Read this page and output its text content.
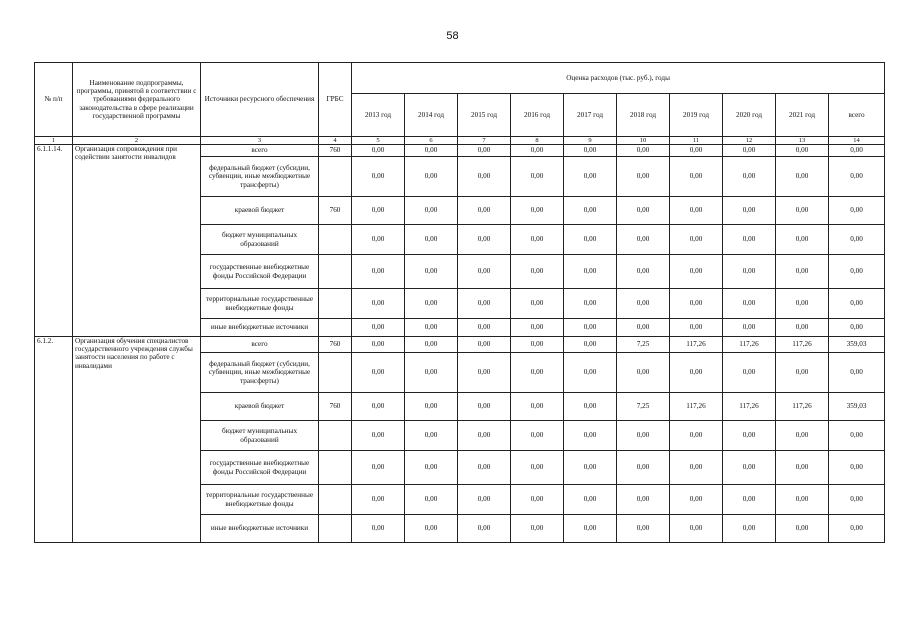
58
№ п/п	Наименование подпрограммы, программы, принятой в соответствии с требованиями федерального законодательства в сфере реализации государственной программы	Источники ресурсного обеспечения	ГРБС	Оценка расходов (тыс. руб.), годы									
				2013 год	2014 год	2015 год	2016 год	2017 год	2018 год	2019 год	2020 год	2021 год	всего
1	2	3	4	5	6	7	8	9	10	11	12	13	14
6.1.1.14.	Организация сопровождения при содействии занятости инвалидов	всего	760	0,00	0,00	0,00	0,00	0,00	0,00	0,00	0,00	0,00	0,00
		федеральный бюджет (субсидии, субвенции, иные межбюджетные трансферты)		0,00	0,00	0,00	0,00	0,00	0,00	0,00	0,00	0,00	0,00
		краевой бюджет	760	0,00	0,00	0,00	0,00	0,00	0,00	0,00	0,00	0,00	0,00
		бюджет муниципальных образований		0,00	0,00	0,00	0,00	0,00	0,00	0,00	0,00	0,00	0,00
		государственные внебюджетные фонды Российской Федерации		0,00	0,00	0,00	0,00	0,00	0,00	0,00	0,00	0,00	0,00
		территориальные государственные внебюджетные фонды		0,00	0,00	0,00	0,00	0,00	0,00	0,00	0,00	0,00	0,00
		иные внебюджетные источники		0,00	0,00	0,00	0,00	0,00	0,00	0,00	0,00	0,00	0,00
6.1.2.	Организация обучения специалистов государственного учреждения службы занятости населения по работе с инвалидами	всего	760	0,00	0,00	0,00	0,00	0,00	7,25	117,26	117,26	117,26	359,03
		федеральный бюджет (субсидии, субвенции, иные межбюджетные трансферты)		0,00	0,00	0,00	0,00	0,00	0,00	0,00	0,00	0,00	0,00
		краевой бюджет	760	0,00	0,00	0,00	0,00	0,00	7,25	117,26	117,26	117,26	359,03
		бюджет муниципальных образований		0,00	0,00	0,00	0,00	0,00	0,00	0,00	0,00	0,00	0,00
		государственные внебюджетные фонды Российской Федерации		0,00	0,00	0,00	0,00	0,00	0,00	0,00	0,00	0,00	0,00
		территориальные государственные внебюджетные фонды		0,00	0,00	0,00	0,00	0,00	0,00	0,00	0,00	0,00	0,00
		иные внебюджетные источники		0,00	0,00	0,00	0,00	0,00	0,00	0,00	0,00	0,00	0,00
